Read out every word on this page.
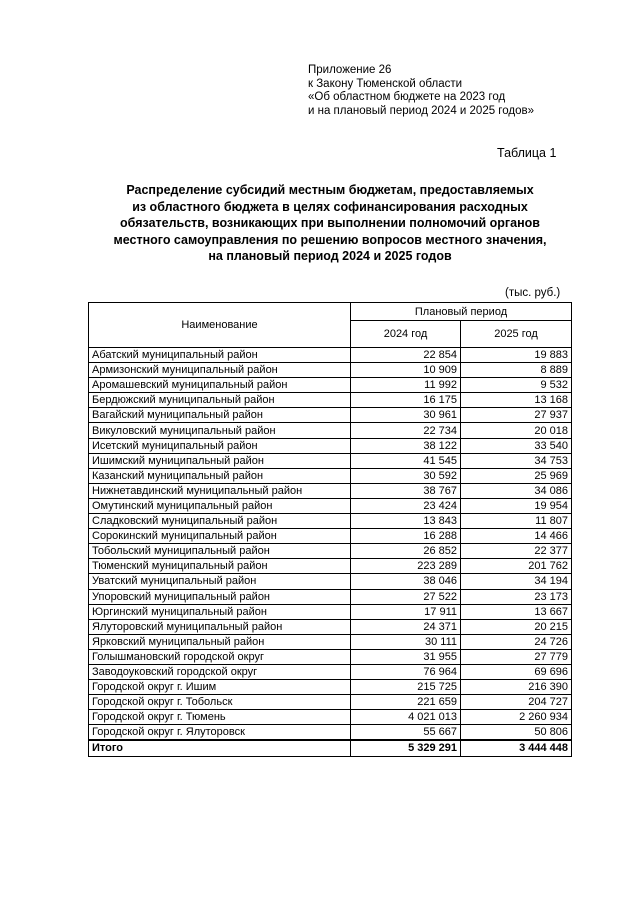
Приложение 26
к Закону Тюменской области
«Об областном бюджете на 2023 год
и на плановый период 2024 и 2025 годов»
Таблица 1
Распределение субсидий местным бюджетам, предоставляемых
из областного бюджета в целях софинансирования расходных
обязательств, возникающих при выполнении полномочий органов
местного самоуправления по решению вопросов местного значения,
на плановый период 2024 и 2025 годов
(тыс. руб.)
Наименование	Плановый период	
	2024 год	2025 год
Абатский муниципальный район	22 854	19 883
Армизонский муниципальный район	10 909	8 889
Аромашевский муниципальный район	11 992	9 532
Бердюжский муниципальный район	16 175	13 168
Вагайский муниципальный район	30 961	27 937
Викуловский муниципальный район	22 734	20 018
Исетский муниципальный район	38 122	33 540
Ишимский муниципальный район	41 545	34 753
Казанский муниципальный район	30 592	25 969
Нижнетавдинский муниципальный район	38 767	34 086
Омутинский муниципальный район	23 424	19 954
Сладковский муниципальный район	13 843	11 807
Сорокинский муниципальный район	16 288	14 466
Тобольский муниципальный район	26 852	22 377
Тюменский муниципальный район	223 289	201 762
Уватский муниципальный район	38 046	34 194
Упоровский муниципальный район	27 522	23 173
Юргинский муниципальный район	17 911	13 667
Ялуторовский муниципальный район	24 371	20 215
Ярковский муниципальный район	30 111	24 726
Голышмановский городской округ	31 955	27 779
Заводоуковский городской округ	76 964	69 696
Городской округ г. Ишим	215 725	216 390
Городской округ г. Тобольск	221 659	204 727
Городской округ г. Тюмень	4 021 013	2 260 934
Городской округ г. Ялуторовск	55 667	50 806
Итого	5 329 291	3 444 448
